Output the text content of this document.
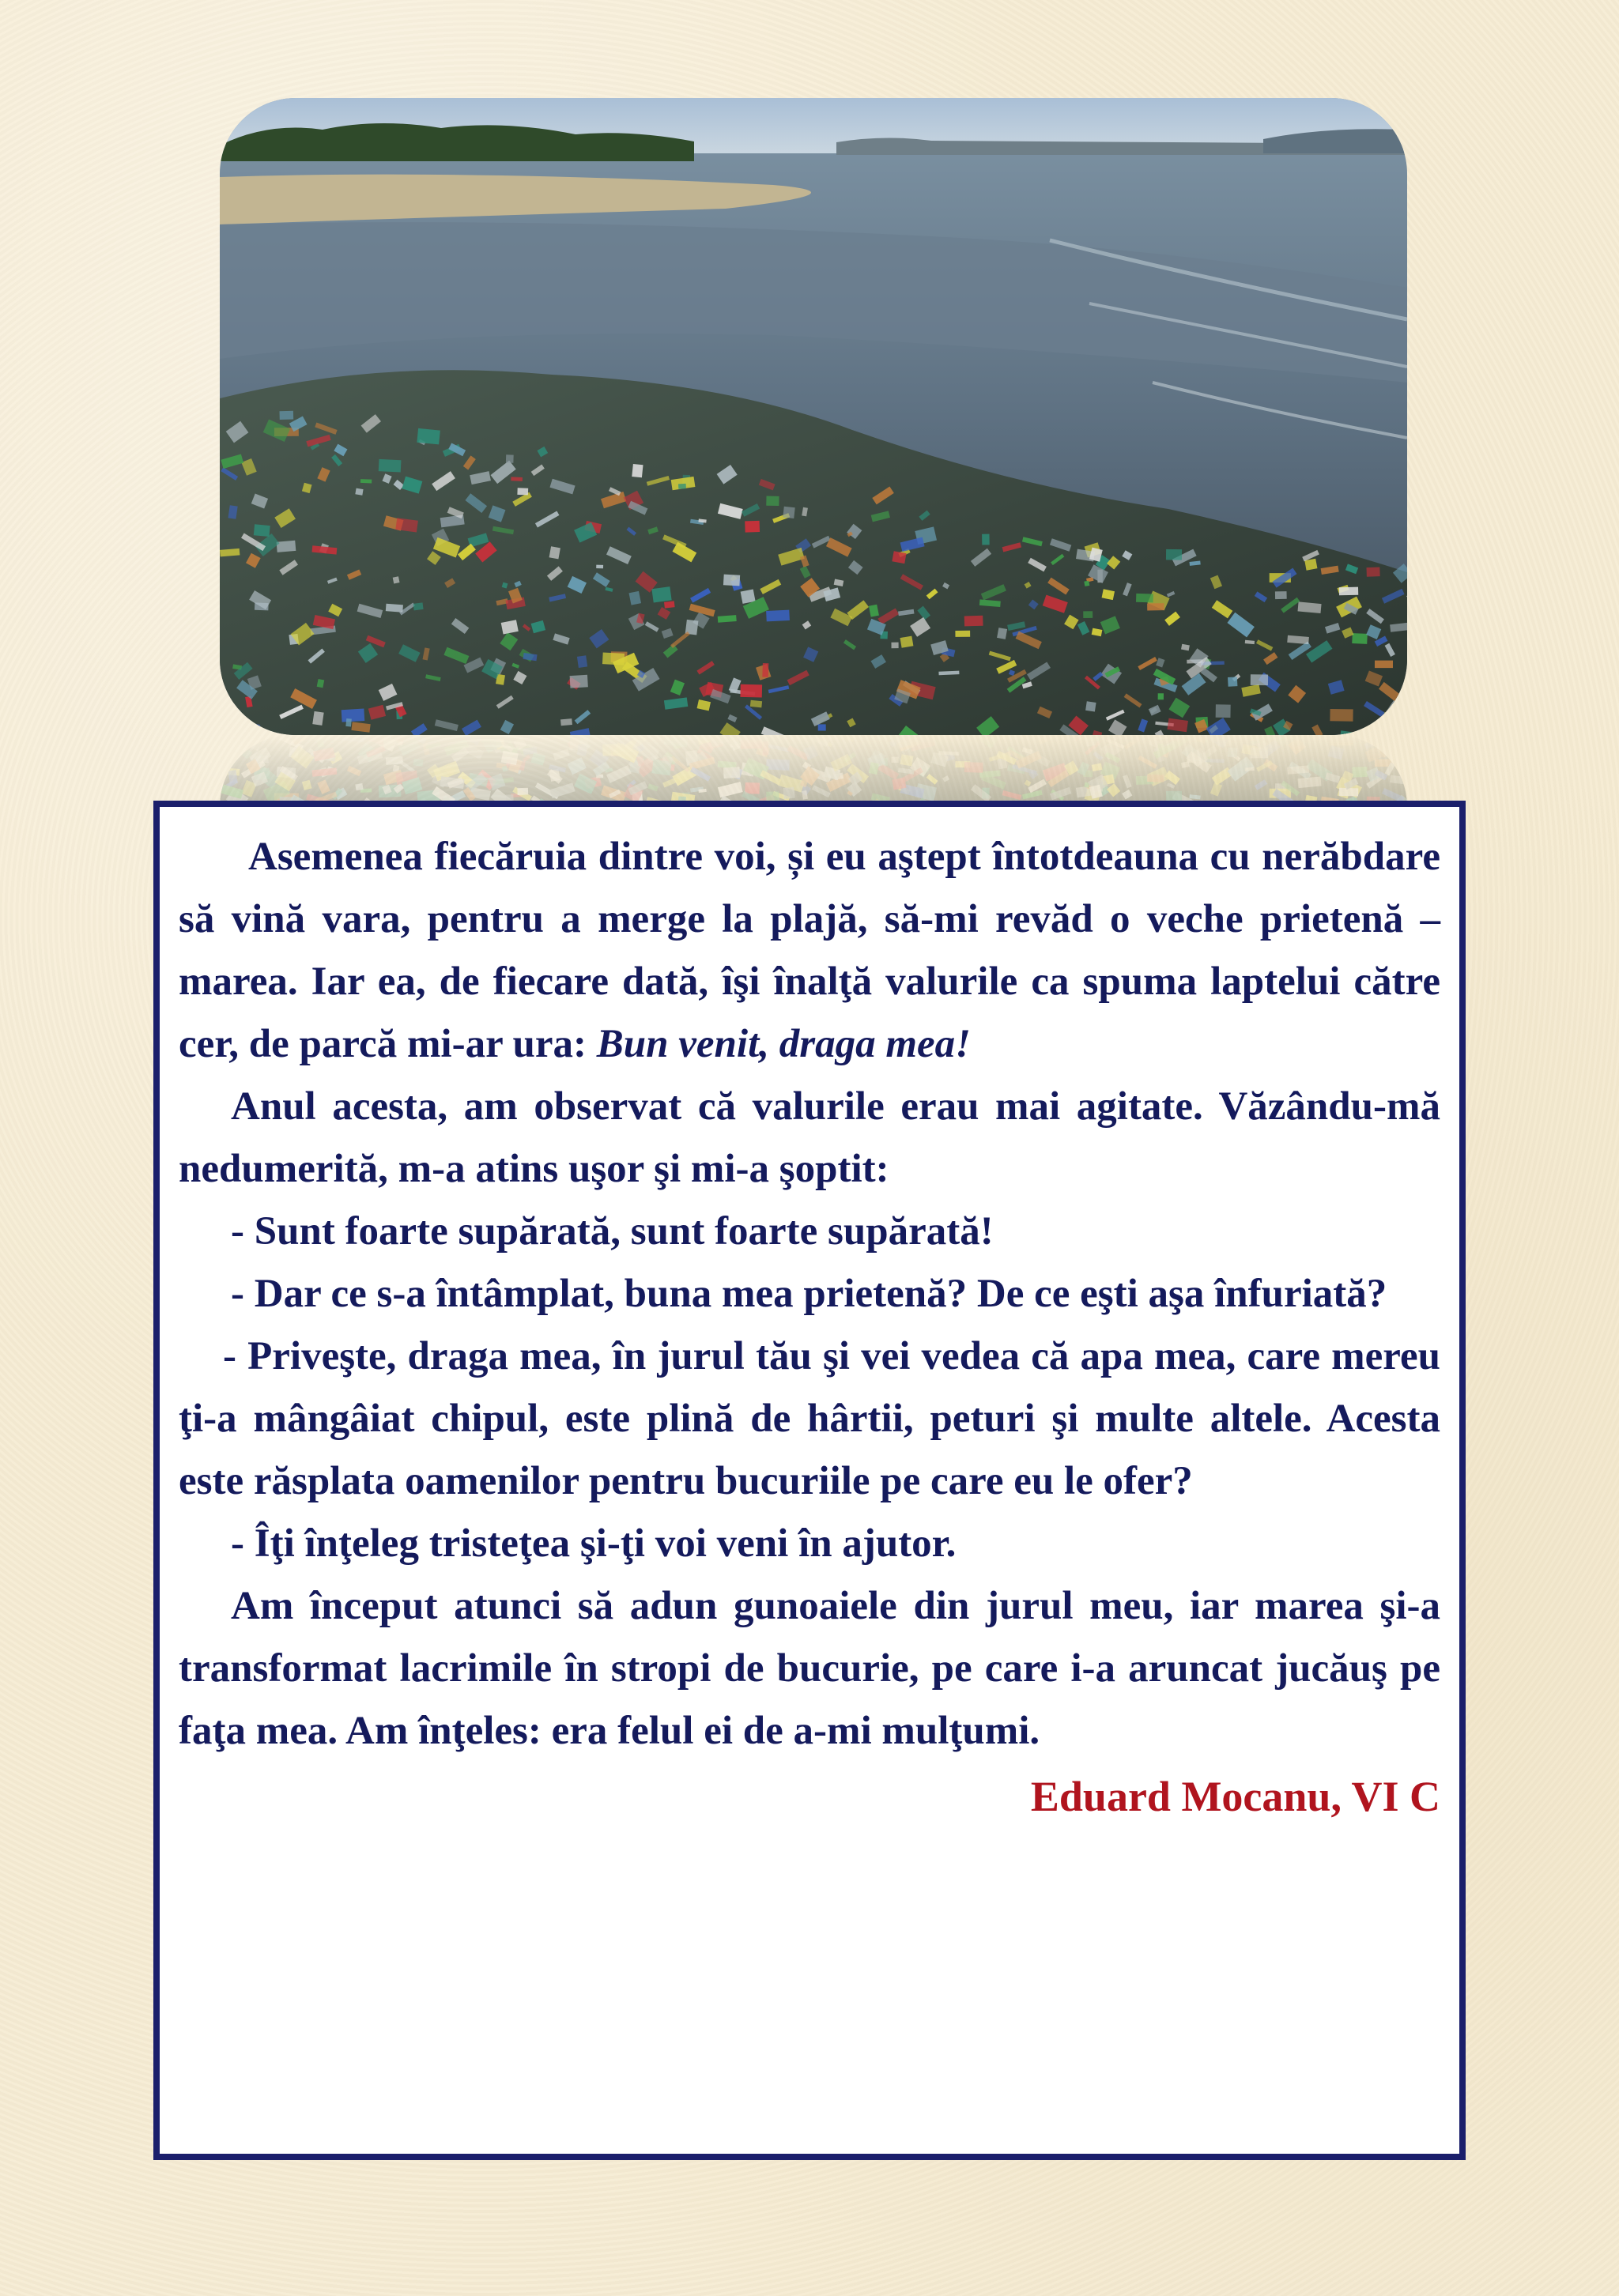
Asemenea fiecăruia dintre voi, și eu aştept întotdeauna cu nerăbdare să vină vara, pentru a merge la plajă, să-mi revăd o veche prietenă – marea. Iar ea, de fiecare dată, îşi înalţă valurile ca spuma laptelui către cer, de parcă mi-ar ura: Bun venit, draga mea!

Anul acesta, am observat că valurile erau mai agitate. Văzându-mă nedumerită, m-a atins uşor şi mi-a şoptit:

- Sunt foarte supărată, sunt foarte supărată!

- Dar ce s-a întâmplat, buna mea prietenă? De ce eşti aşa înfuriată?

- Priveşte, draga mea, în jurul tău şi vei vedea că apa mea, care mereu ţi-a mângâiat chipul, este plină de hârtii, peturi şi multe altele. Acesta este răsplata oamenilor pentru bucuriile pe care eu le ofer?

- Îţi înţeleg tristeţea şi-ţi voi veni în ajutor.

Am început atunci să adun gunoaiele din jurul meu, iar marea şi-a transformat lacrimile în stropi de bucurie, pe care i-a aruncat jucăuş pe faţa mea. Am înţeles: era felul ei de a-mi mulţumi.

Eduard Mocanu, VI C
